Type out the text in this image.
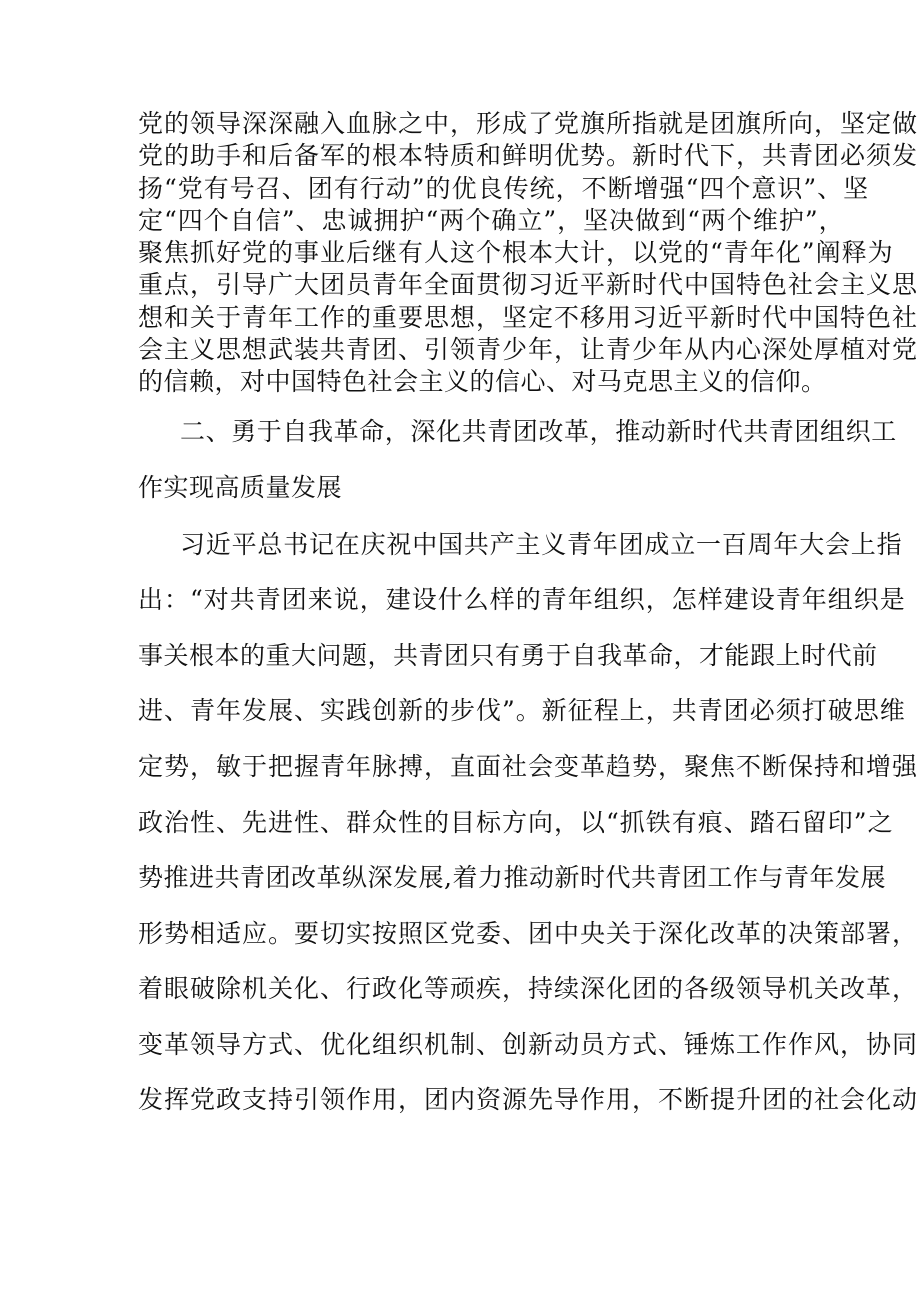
党的领导深深融入血脉之中，形成了党旗所指就是团旗所向，坚定做
党的助手和后备军的根本特质和鲜明优势。新时代下，共青团必须发
扬“党有号召、团有行动”的优良传统，不断增强“四个意识”、坚
定“四个自信”、忠诚拥护“两个确立”，坚决做到“两个维护”，
聚焦抓好党的事业后继有人这个根本大计，以党的“青年化”阐释为
重点，引导广大团员青年全面贯彻习近平新时代中国特色社会主义思
想和关于青年工作的重要思想，坚定不移用习近平新时代中国特色社
会主义思想武装共青团、引领青少年，让青少年从内心深处厚植对党
的信赖，对中国特色社会主义的信心、对马克思主义的信仰。
二、勇于自我革命，深化共青团改革，推动新时代共青团组织工
作实现高质量发展
习近平总书记在庆祝中国共产主义青年团成立一百周年大会上指
出：“对共青团来说，建设什么样的青年组织，怎样建设青年组织是
事关根本的重大问题，共青团只有勇于自我革命，才能跟上时代前
进、青年发展、实践创新的步伐”。新征程上，共青团必须打破思维
定势，敏于把握青年脉搏，直面社会变革趋势，聚焦不断保持和增强
政治性、先进性、群众性的目标方向，以“抓铁有痕、踏石留印”之
势推进共青团改革纵深发展,着力推动新时代共青团工作与青年发展
形势相适应。要切实按照区党委、团中央关于深化改革的决策部署，
着眼破除机关化、行政化等顽疾，持续深化团的各级领导机关改革，
变革领导方式、优化组织机制、创新动员方式、锤炼工作作风，协同
发挥党政支持引领作用，团内资源先导作用，不断提升团的社会化动
